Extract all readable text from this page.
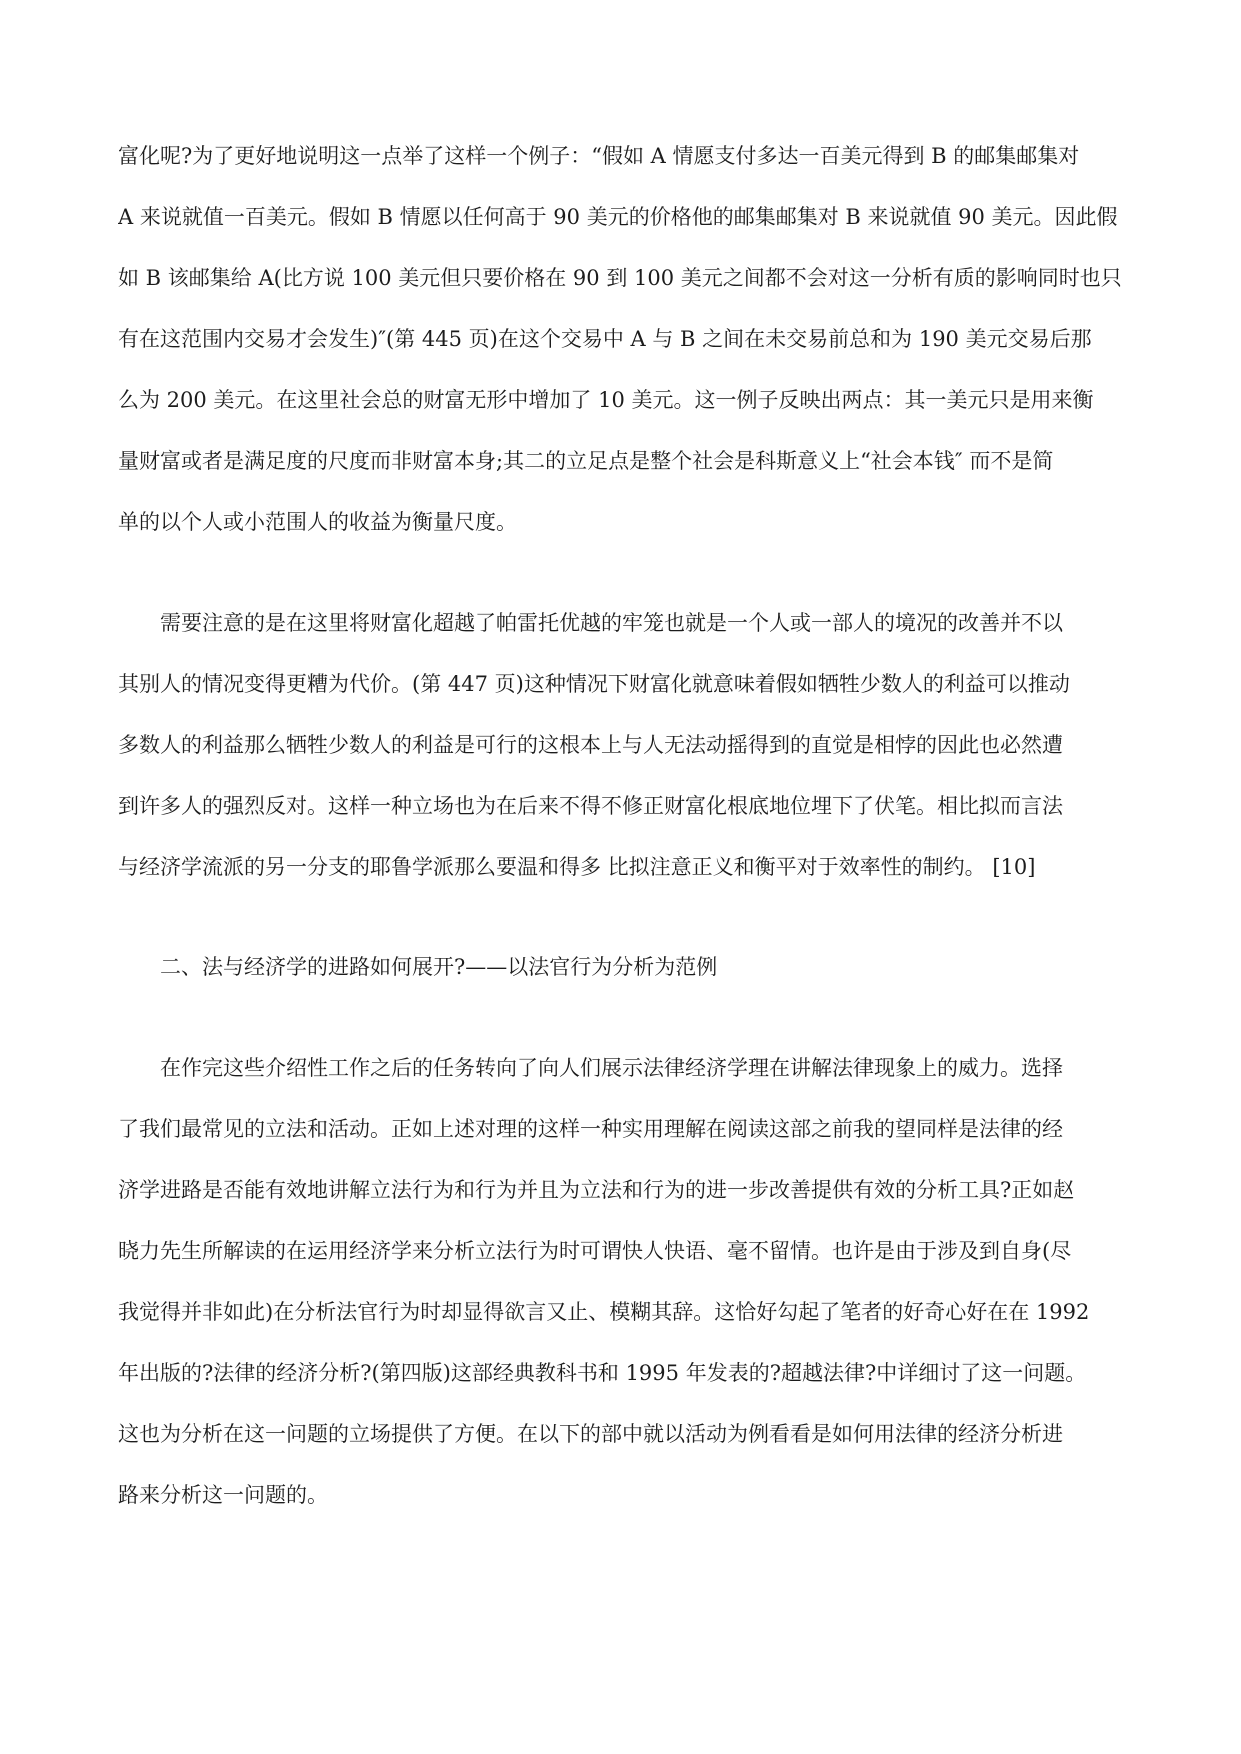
富化呢?为了更好地说明这一点举了这样一个例子：“假如 A 情愿支付多达一百美元得到 B 的邮集邮集对
A 来说就值一百美元。假如 B 情愿以任何高于 90 美元的价格他的邮集邮集对 B 来说就值 90 美元。因此假
如 B 该邮集给 A(比方说 100 美元但只要价格在 90 到 100 美元之间都不会对这一分析有质的影响同时也只
有在这范围内交易才会发生)″(第 445 页)在这个交易中 A 与 B 之间在未交易前总和为 190 美元交易后那
么为 200 美元。在这里社会总的财富无形中增加了 10 美元。这一例子反映出两点：其一美元只是用来衡
量财富或者是满足度的尺度而非财富本身;其二的立足点是整个社会是科斯意义上“社会本钱″ 而不是简
单的以个人或小范围人的收益为衡量尺度。
需要注意的是在这里将财富化超越了帕雷托优越的牢笼也就是一个人或一部人的境况的改善并不以
其别人的情况变得更糟为代价。(第 447 页)这种情况下财富化就意味着假如牺牲少数人的利益可以推动
多数人的利益那么牺牲少数人的利益是可行的这根本上与人无法动摇得到的直觉是相悖的因此也必然遭
到许多人的强烈反对。这样一种立场也为在后来不得不修正财富化根底地位埋下了伏笔。相比拟而言法
与经济学流派的另一分支的耶鲁学派那么要温和得多 比拟注意正义和衡平对于效率性的制约。 [10]
二、法与经济学的进路如何展开?——以法官行为分析为范例
在作完这些介绍性工作之后的任务转向了向人们展示法律经济学理在讲解法律现象上的威力。选择
了我们最常见的立法和活动。正如上述对理的这样一种实用理解在阅读这部之前我的望同样是法律的经
济学进路是否能有效地讲解立法行为和行为并且为立法和行为的进一步改善提供有效的分析工具?正如赵
晓力先生所解读的在运用经济学来分析立法行为时可谓快人快语、毫不留情。也许是由于涉及到自身(尽
我觉得并非如此)在分析法官行为时却显得欲言又止、模糊其辞。这恰好勾起了笔者的好奇心好在在 1992
年出版的?法律的经济分析?(第四版)这部经典教科书和 1995 年发表的?超越法律?中详细讨了这一问题。
这也为分析在这一问题的立场提供了方便。在以下的部中就以活动为例看看是如何用法律的经济分析进
路来分析这一问题的。
